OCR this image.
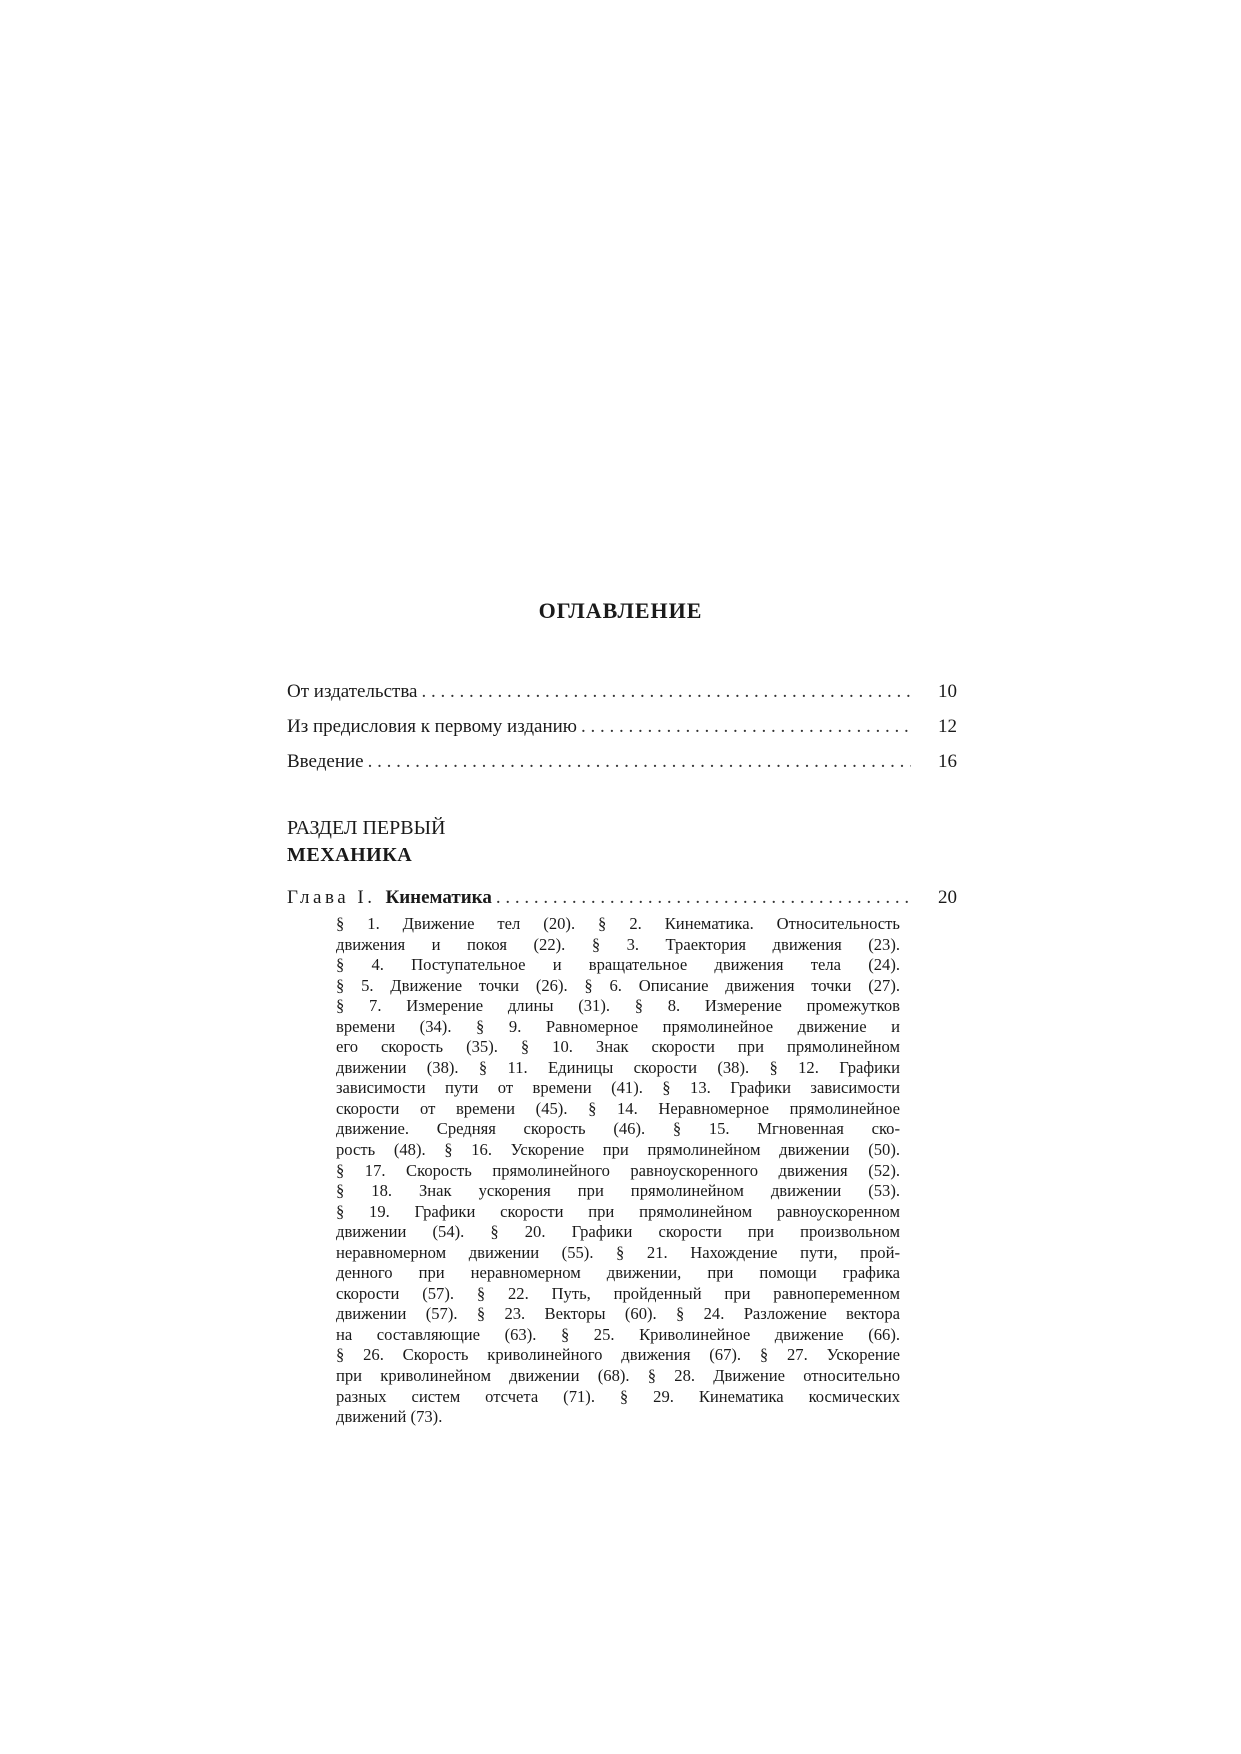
ОГЛАВЛЕНИЕ
От издательства . . .	10
Из предисловия к первому изданию . . .	12
Введение . . .	16
РАЗДЕЛ ПЕРВЫЙ
МЕХАНИКА
Глава I. Кинематика . . .	20
§ 1. Движение тел (20). § 2. Кинематика. Относительность
движения и покоя (22). § 3. Траектория движения (23).
§ 4. Поступательное и вращательное движения тела (24).
§ 5. Движение точки (26). § 6. Описание движения точки (27).
§ 7. Измерение длины (31). § 8. Измерение промежутков
времени (34). § 9. Равномерное прямолинейное движение и
его скорость (35). § 10. Знак скорости при прямолинейном
движении (38). § 11. Единицы скорости (38). § 12. Графики
зависимости пути от времени (41). § 13. Графики зависимости
скорости от времени (45). § 14. Неравномерное прямолинейное
движение. Средняя скорость (46). § 15. Мгновенная ско-
рость (48). § 16. Ускорение при прямолинейном движении (50).
§ 17. Скорость прямолинейного равноускоренного движения (52).
§ 18. Знак ускорения при прямолинейном движении (53).
§ 19. Графики скорости при прямолинейном равноускоренном
движении (54). § 20. Графики скорости при произвольном
неравномерном движении (55). § 21. Нахождение пути, прой-
денного при неравномерном движении, при помощи графика
скорости (57). § 22. Путь, пройденный при равнопеременном
движении (57). § 23. Векторы (60). § 24. Разложение вектора
на составляющие (63). § 25. Криволинейное движение (66).
§ 26. Скорость криволинейного движения (67). § 27. Ускорение
при криволинейном движении (68). § 28. Движение относительно
разных систем отсчета (71). § 29. Кинематика космических
движений (73).
